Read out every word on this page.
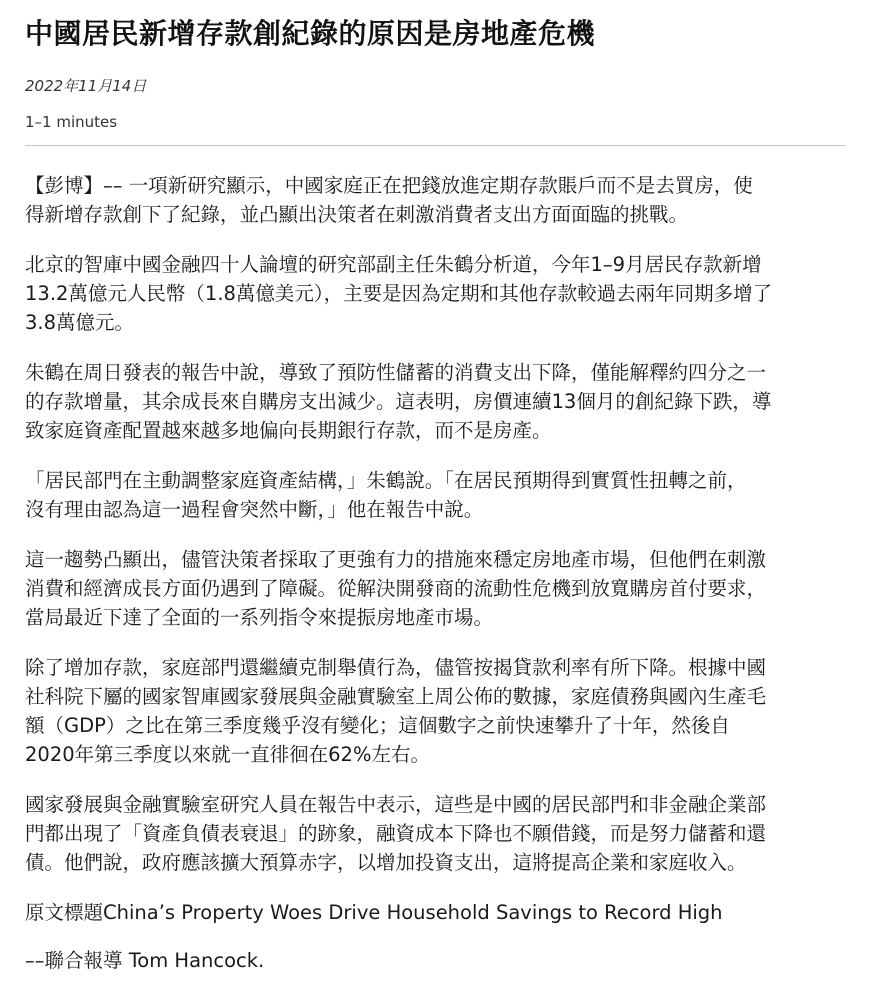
中國居民新增存款創紀錄的原因是房地產危機
2022年11月14日
1–1 minutes

【彭博】–– 一項新研究顯示，中國家庭正在把錢放進定期存款賬戶而不是去買房，使
得新增存款創下了紀錄，並凸顯出決策者在刺激消費者支出方面面臨的挑戰。

北京的智庫中國金融四十人論壇的研究部副主任朱鶴分析道，今年1–9月居民存款新增
13.2萬億元人民幣（1.8萬億美元），主要是因為定期和其他存款較過去兩年同期多增了
3.8萬億元。

朱鶴在周日發表的報告中說，導致了預防性儲蓄的消費支出下降，僅能解釋約四分之一
的存款增量，其余成長來自購房支出減少。這表明，房價連續13個月的創紀錄下跌，導
致家庭資產配置越來越多地偏向長期銀行存款，而不是房產。

「居民部門在主動調整家庭資產結構，」朱鶴說。「在居民預期得到實質性扭轉之前，
沒有理由認為這一過程會突然中斷，」他在報告中說。

這一趨勢凸顯出，儘管決策者採取了更強有力的措施來穩定房地產市場，但他們在刺激
消費和經濟成長方面仍遇到了障礙。從解決開發商的流動性危機到放寬購房首付要求，
當局最近下達了全面的一系列指令來提振房地產市場。

除了增加存款，家庭部門還繼續克制舉債行為，儘管按揭貸款利率有所下降。根據中國
社科院下屬的國家智庫國家發展與金融實驗室上周公佈的數據，家庭債務與國內生產毛
額（GDP）之比在第三季度幾乎沒有變化；這個數字之前快速攀升了十年，然後自
2020年第三季度以來就一直徘徊在62%左右。

國家發展與金融實驗室研究人員在報告中表示，這些是中國的居民部門和非金融企業部
門都出現了「資產負債表衰退」的跡象，融資成本下降也不願借錢，而是努力儲蓄和還
債。他們說，政府應該擴大預算赤字，以增加投資支出，這將提高企業和家庭收入。

原文標題China’s Property Woes Drive Household Savings to Record High

––聯合報導 Tom Hancock.
